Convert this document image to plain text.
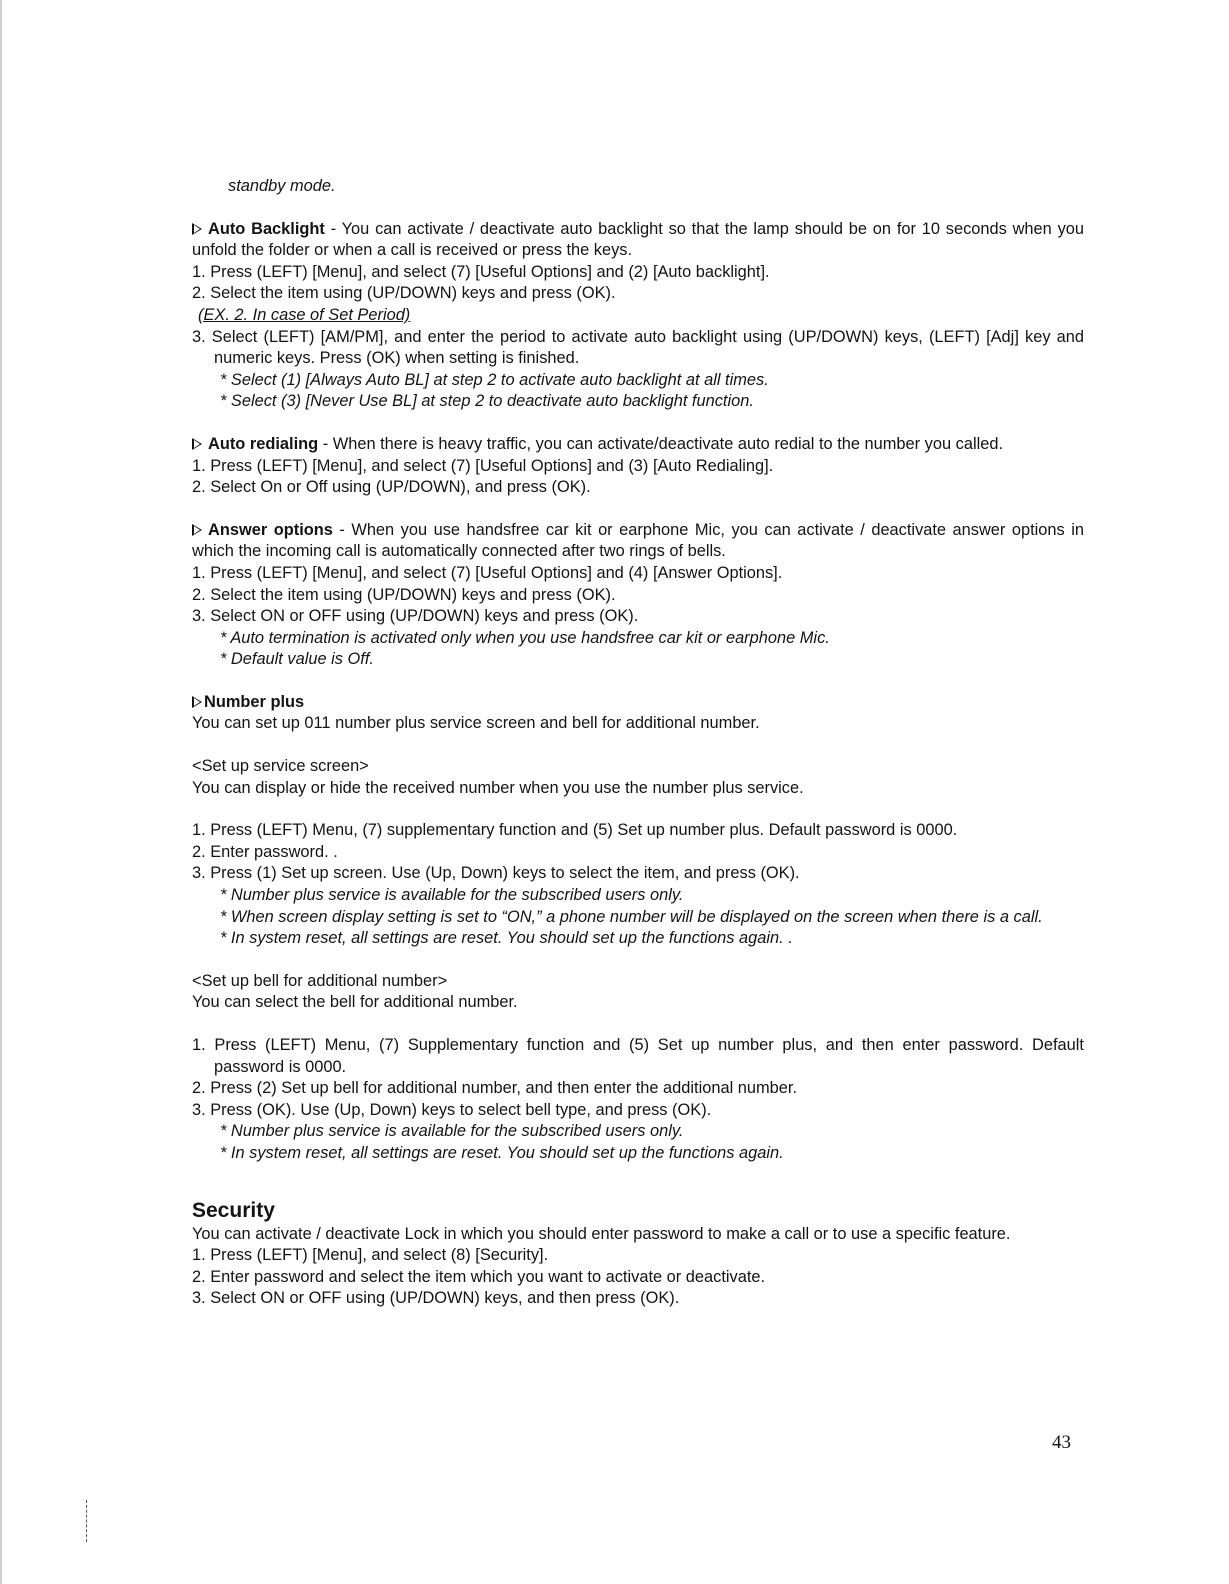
standby mode.

Auto Backlight - You can activate / deactivate auto backlight so that the lamp should be on for 10 seconds when you unfold the folder or when a call is received or press the keys.

1. Press (LEFT) [Menu], and select (7) [Useful Options] and (2) [Auto backlight].

2. Select the item using (UP/DOWN) keys and press (OK).

(EX. 2. In case of Set Period)

3. Select (LEFT) [AM/PM], and enter the period to activate auto backlight using (UP/DOWN) keys, (LEFT) [Adj] key and numeric keys. Press (OK) when setting is finished.

* Select (1) [Always Auto BL] at step 2 to activate auto backlight at all times.

* Select (3) [Never Use BL] at step 2 to deactivate auto backlight function.

Auto redialing - When there is heavy traffic, you can activate/deactivate auto redial to the number you called.

1. Press (LEFT) [Menu], and select (7) [Useful Options] and (3) [Auto Redialing].

2. Select On or Off using (UP/DOWN), and press (OK).

Answer options - When you use handsfree car kit or earphone Mic, you can activate / deactivate answer options in which the incoming call is automatically connected after two rings of bells.

1. Press (LEFT) [Menu], and select (7) [Useful Options] and (4) [Answer Options].

2. Select the item using (UP/DOWN) keys and press (OK).

3. Select ON or OFF using (UP/DOWN) keys and press (OK).

* Auto termination is activated only when you use handsfree car kit or earphone Mic.

* Default value is Off.

Number plus

You can set up 011 number plus service screen and bell for additional number.

<Set up service screen>

You can display or hide the received number when you use the number plus service.

1. Press (LEFT) Menu, (7) supplementary function and (5) Set up number plus. Default password is 0000.

2. Enter password. .

3. Press (1) Set up screen. Use (Up, Down) keys to select the item, and press (OK).

* Number plus service is available for the subscribed users only.

* When screen display setting is set to “ON,” a phone number will be displayed on the screen when there is a call.

* In system reset, all settings are reset. You should set up the functions again. .

<Set up bell for additional number>

You can select the bell for additional number.

1. Press (LEFT) Menu, (7) Supplementary function and (5) Set up number plus, and then enter password. Default password is 0000.

2. Press (2) Set up bell for additional number, and then enter the additional number.

3. Press (OK). Use (Up, Down) keys to select bell type, and press (OK).

* Number plus service is available for the subscribed users only.

* In system reset, all settings are reset. You should set up the functions again.

Security

You can activate / deactivate Lock in which you should enter password to make a call or to use a specific feature.

1. Press (LEFT) [Menu], and select (8) [Security].

2. Enter password and select the item which you want to activate or deactivate.

3. Select ON or OFF using (UP/DOWN) keys, and then press (OK).

43
